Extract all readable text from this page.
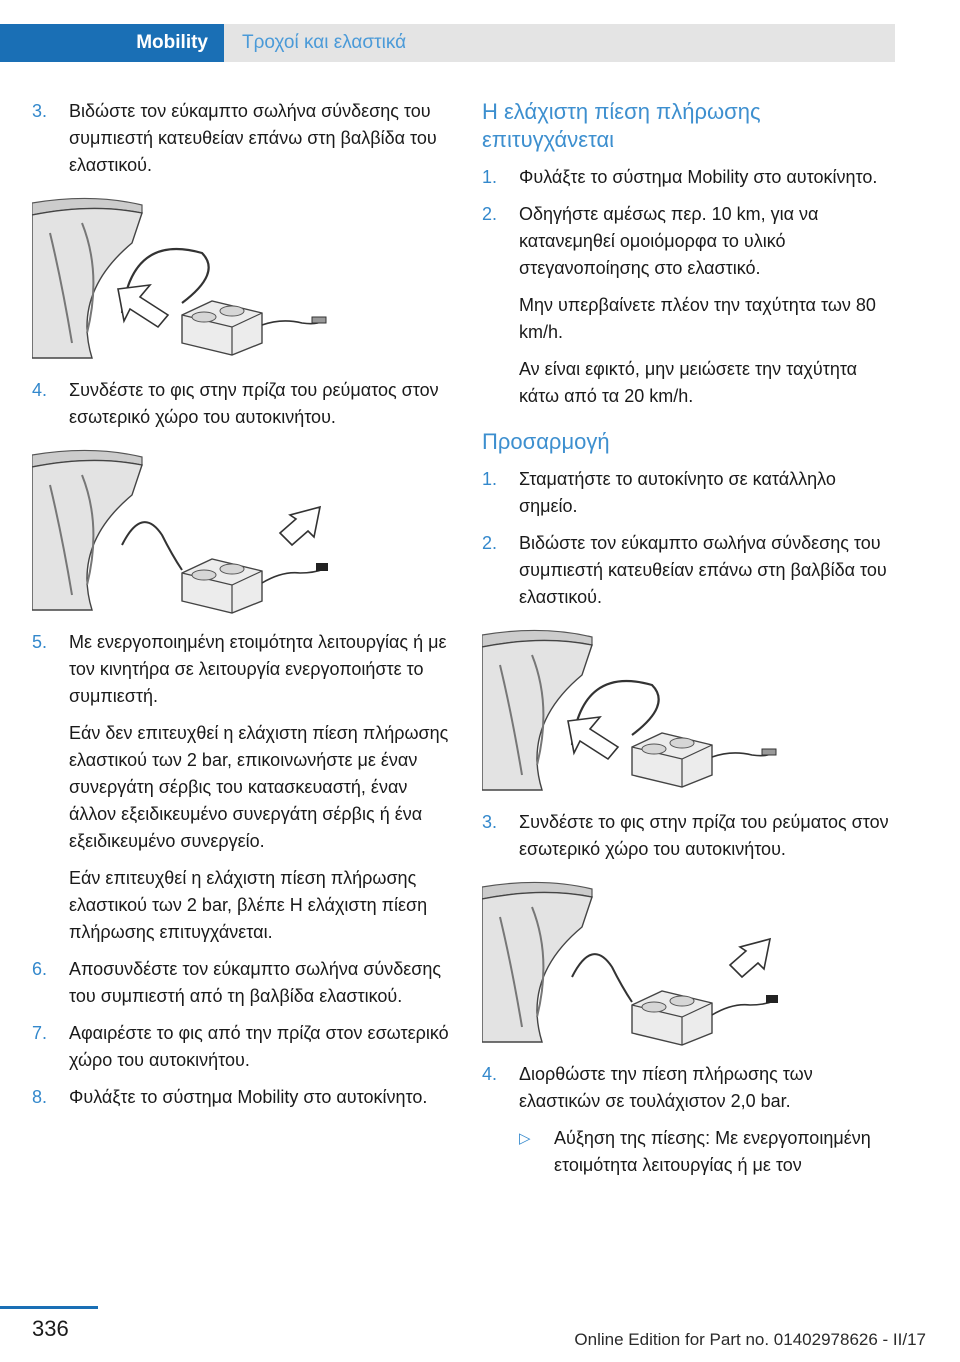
Mobility	Τροχοί και ελαστικά
3.	Βιδώστε τον εύκαμπτο σωλήνα σύνδεσης του συμπιεστή κατευθείαν επάνω στη βαλβίδα του ελαστικού.
4.	Συνδέστε το φις στην πρίζα του ρεύματος στον εσωτερικό χώρο του αυτοκινήτου.
5.	Με ενεργοποιημένη ετοιμότητα λειτουργίας ή με τον κινητήρα σε λειτουργία ενεργοποιήστε το συμπιεστή.
Εάν δεν επιτευχθεί η ελάχιστη πίεση πλήρωσης ελαστικού των 2 bar, επικοινωνήστε με έναν συνεργάτη σέρβις του κατασκευαστή, έναν άλλον εξειδικευμένο συνεργάτη σέρβις ή ένα εξειδικευμένο συνεργείο.
Εάν επιτευχθεί η ελάχιστη πίεση πλήρωσης ελαστικού των 2 bar, βλέπε Η ελάχιστη πίεση πλήρωσης επιτυγχάνεται.
6.	Αποσυνδέστε τον εύκαμπτο σωλήνα σύνδεσης του συμπιεστή από τη βαλβίδα ελαστικού.
7.	Αφαιρέστε το φις από την πρίζα στον εσωτερικό χώρο του αυτοκινήτου.
8.	Φυλάξτε το σύστημα Mobility στο αυτοκίνητο.
Η ελάχιστη πίεση πλήρωσης επιτυγχάνεται
1.	Φυλάξτε το σύστημα Mobility στο αυτοκίνητο.
2.	Οδηγήστε αμέσως περ. 10 km, για να κατανεμηθεί ομοιόμορφα το υλικό στεγανοποίησης στο ελαστικό.
Μην υπερβαίνετε πλέον την ταχύτητα των 80 km/h.
Αν είναι εφικτό, μην μειώσετε την ταχύτητα κάτω από τα 20 km/h.
Προσαρμογή
1.	Σταματήστε το αυτοκίνητο σε κατάλληλο σημείο.
2.	Βιδώστε τον εύκαμπτο σωλήνα σύνδεσης του συμπιεστή κατευθείαν επάνω στη βαλβίδα του ελαστικού.
3.	Συνδέστε το φις στην πρίζα του ρεύματος στον εσωτερικό χώρο του αυτοκινήτου.
4.	Διορθώστε την πίεση πλήρωσης των ελαστικών σε τουλάχιστον 2,0 bar.
▷	Αύξηση της πίεσης: Με ενεργοποιημένη ετοιμότητα λειτουργίας ή με τον
336	Online Edition for Part no. 01402978626 - II/17
